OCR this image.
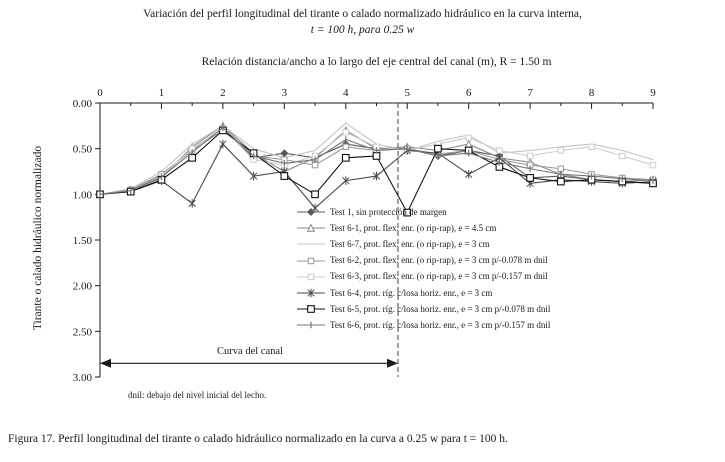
Variación del perfil longitudinal del tirante o calado normalizado hidráulico en la curva interna,
t = 100 h, para 0.25 w
Relación distancia/ancho a lo largo del eje central del canal (m), R = 1.50 m
Tirante o calado hidráulico normalizado
0	1	2	3	4	5	6	7	8	9
0.00
0.50
1.00
1.50
2.00
2.50
3.00
Test 1, sin protección de margen
Test 6-1, prot. flex. enr. (o rip-rap), e = 4.5 cm
Test 6-7, prot. flex. enr. (o rip-rap), e = 3 cm
Test 6-2, prot. flex. enr. (o rip-rap), e = 3 cm p/-0.078 m dnil
Test 6-3, prot. flex. enr. (o rip-rap), e = 3 cm p/-0.157 m dnil
Test 6-4, prot. ríg. c/losa horiz. enr., e = 3 cm
Test 6-5, prot. ríg. c/losa horiz. enr., e = 3 cm p/-0.078 m dnil
Test 6-6, prot. ríg. c/losa horiz. enr., e = 3 cm p/-0.157 m dnil
Curva del canal
dnil: debajo del nivel inicial del lecho.
Figura 17. Perfil longitudinal del tirante o calado hidráulico normalizado en la curva a 0.25 w para t = 100 h.
